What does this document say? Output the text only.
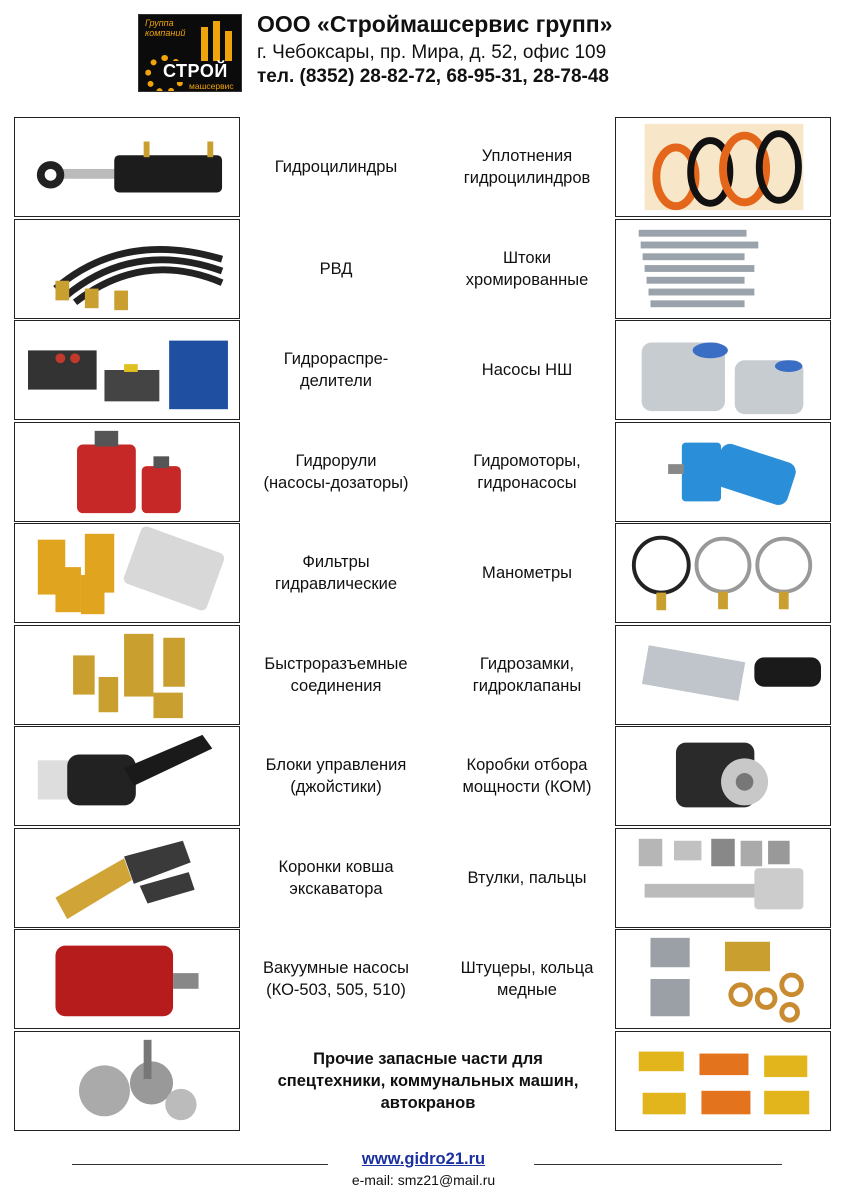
Группа
компаний
СТРОЙ
машсервис
ООО «Строймашсервис групп»
г. Чебоксары, пр. Мира, д. 52, офис 109
тел. (8352) 28-82-72, 68-95-31, 28-78-48
Гидроцилиндры
Уплотнения
гидроцилиндров
РВД
Штоки
хромированные
Гидрораспре-
делители
Насосы НШ
Гидрорули
(насосы-дозаторы)
Гидромоторы,
гидронасосы
Фильтры
гидравлические
Манометры
Быстроразъемные
соединения
Гидрозамки,
гидроклапаны
Блоки управления
(джойстики)
Коробки отбора
мощности (КОМ)
Коронки ковша
экскаватора
Втулки, пальцы
Вакуумные насосы
(КО-503, 505, 510)
Штуцеры, кольца
медные
Прочие запасные части для
спецтехники, коммунальных машин,
автокранов
www.gidro21.ru
e-mail: smz21@mail.ru
